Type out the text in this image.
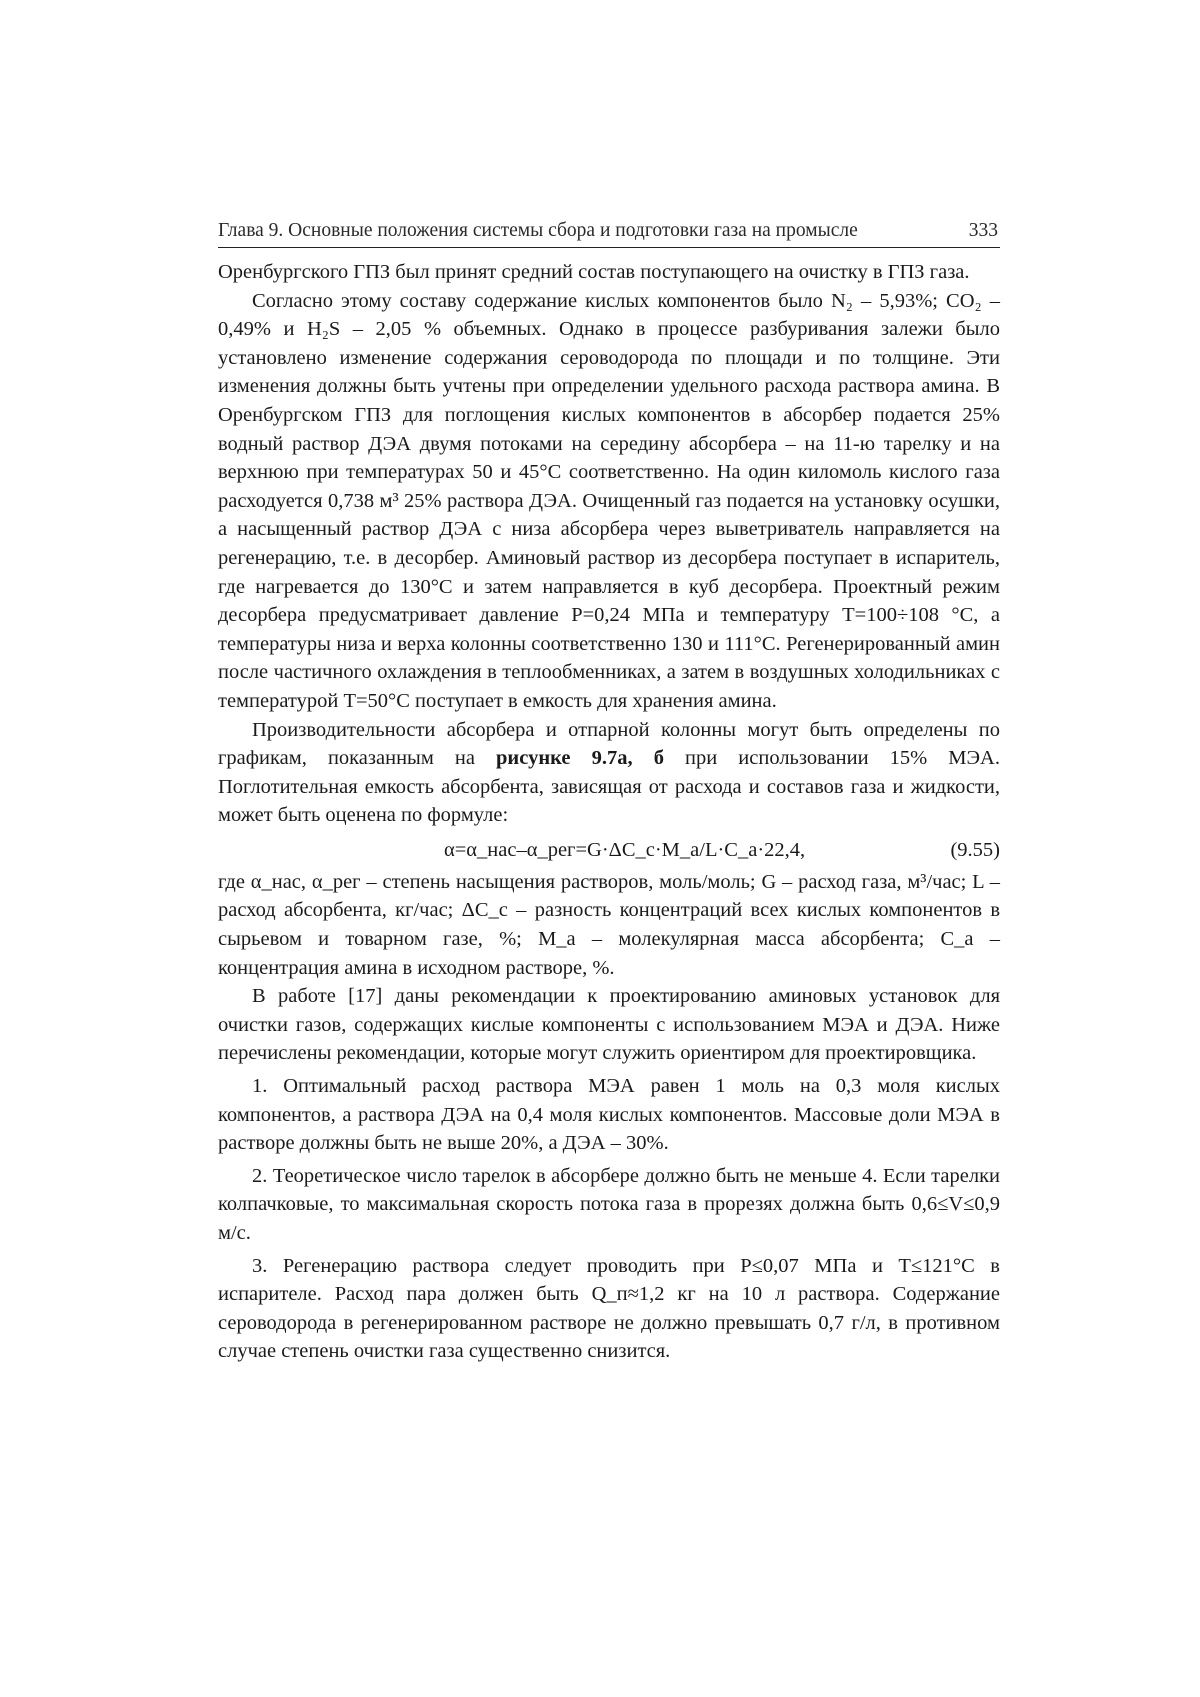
Глава 9. Основные положения системы сбора и подготовки газа на промысле	333

Оренбургского ГПЗ был принят средний состав поступающего на очистку в ГПЗ газа.

Согласно этому составу содержание кислых компонентов было N₂ – 5,93%; CO₂ – 0,49% и H₂S – 2,05 % объемных. Однако в процессе разбуривания залежи было установлено изменение содержания сероводорода по площади и по толщине. Эти изменения должны быть учтены при определении удельного расхода раствора амина. В Оренбургском ГПЗ для поглощения кислых компонентов в абсорбер подается 25% водный раствор ДЭА двумя потоками на середину абсорбера – на 11-ю тарелку и на верхнюю при температурах 50 и 45°С соответственно. На один киломоль кислого газа расходуется 0,738 м³ 25% раствора ДЭА. Очищенный газ подается на установку осушки, а насыщенный раствор ДЭА с низа абсорбера через выветриватель направляется на регенерацию, т.е. в десорбер. Аминовый раствор из десорбера поступает в испаритель, где нагревается до 130°С и затем направляется в куб десорбера. Проектный режим десорбера предусматривает давление P=0,24 МПа и температуру T=100÷108 °С, а температуры низа и верха колонны соответственно 130 и 111°С. Регенерированный амин после частичного охлаждения в теплообменниках, а затем в воздушных холодильниках с температурой T=50°С поступает в емкость для хранения амина.

Производительности абсорбера и отпарной колонны могут быть определены по графикам, показанным на рисунке 9.7а, б при использовании 15% МЭА. Поглотительная емкость абсорбента, зависящая от расхода и составов газа и жидкости, может быть оценена по формуле:

α=α_нас–α_рег=G·ΔC_c·M_а/L·C_а·22,4,	(9.55)

где α_нас, α_рег – степень насыщения растворов, моль/моль; G – расход газа, м³/час; L – расход абсорбента, кг/час; ΔC_c – разность концентраций всех кислых компонентов в сырьевом и товарном газе, %; M_а – молекулярная масса абсорбента; C_а – концентрация амина в исходном растворе, %.

В работе [17] даны рекомендации к проектированию аминовых установок для очистки газов, содержащих кислые компоненты с использованием МЭА и ДЭА. Ниже перечислены рекомендации, которые могут служить ориентиром для проектировщика.

1. Оптимальный расход раствора МЭА равен 1 моль на 0,3 моля кислых компонентов, а раствора ДЭА на 0,4 моля кислых компонентов. Массовые доли МЭА в растворе должны быть не выше 20%, а ДЭА – 30%.

2. Теоретическое число тарелок в абсорбере должно быть не меньше 4. Если тарелки колпачковые, то максимальная скорость потока газа в прорезях должна быть 0,6≤V≤0,9 м/с.

3. Регенерацию раствора следует проводить при P≤0,07 МПа и T≤121°С в испарителе. Расход пара должен быть Q_п≈1,2 кг на 10 л раствора. Содержание сероводорода в регенерированном растворе не должно превышать 0,7 г/л, в противном случае степень очистки газа существенно снизится.
